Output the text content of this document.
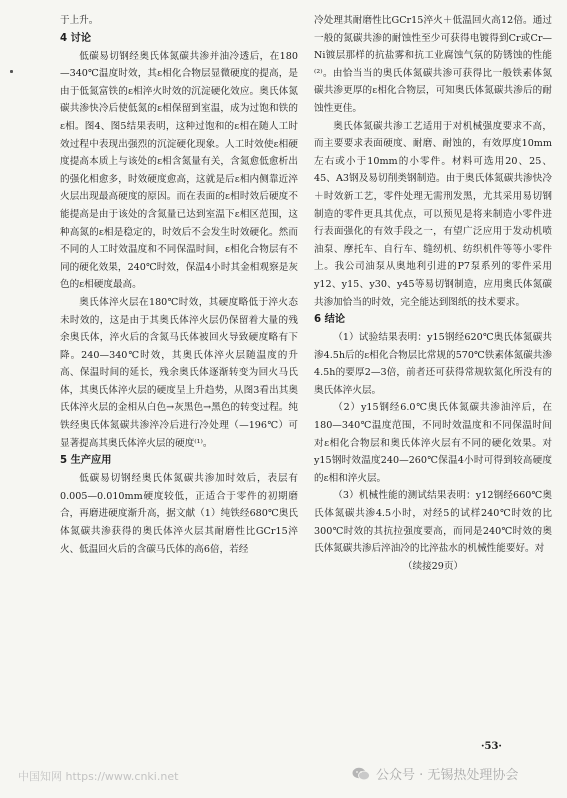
于上升。

4 讨论

低碳易切钢经奥氏体氮碳共渗并油冷透后，在180—340℃温度时效，其ε相化合物层显微硬度的提高，是由于低氮富铁的ε相淬火时效的沉淀硬化效应。奥氏体氮碳共渗快冷后使低氮的ε相保留到室温，成为过饱和铁的ε相。图4、图5结果表明，这种过饱和的ε相在随人工时效过程中表现出强烈的沉淀硬化现象。人工时效使ε相硬度提高本质上与该处的ε相含氮量有关，含氮愈低愈析出的强化相愈多，时效硬度愈高，这就是后ε相内侧靠近淬火层出现最高硬度的原因。而在表面的ε相时效后硬度不能提高是由于该处的含氮量已达到室温下ε相区范围，这种高氮的ε相是稳定的，时效后不会发生时效硬化。然而不同的人工时效温度和不同保温时间，ε相化合物层有不同的硬化效果，240℃时效，保温4小时其金相观察是灰色的ε相硬度最高。

奥氏体淬火层在180℃时效，其硬度略低于淬火态未时效的，这是由于其奥氏体淬火层仍保留着大量的残余奥氏体，淬火后的含氮马氏体被回火导致硬度略有下降。240—340℃时效，其奥氏体淬火层随温度的升高、保温时间的延长，残余奥氏体逐渐转变为回火马氏体，其奥氏体淬火层的硬度呈上升趋势，从图3看出其奥氏体淬火层的金相从白色→灰黑色→黑色的转变过程。纯铁经奥氏体氮碳共渗淬冷后进行冷处理（—196℃）可显著提高其奥氏体淬火层的硬度⁽¹⁾。

5 生产应用

低碳易切钢经奥氏体氮碳共渗加时效后，表层有0.005—0.010mm硬度较低，正适合于零件的初期磨合，再磨进硬度渐升高，据文献（1）纯铁经680℃奥氏体氮碳共渗获得的奥氏体淬火层其耐磨性比GCr15淬火、低温回火后的含碳马氏体的高6倍，若经

冷处理其耐磨性比GCr15淬火＋低温回火高12倍。通过一般的氮碳共渗的耐蚀性至少可获得电镀得到Cr或Cr—Ni镀层那样的抗盐雾和抗工业腐蚀气氛的防锈蚀的性能⁽²⁾。由恰当当的奥氏体氮碳共渗可获得比一般铁素体氮碳共渗更厚的ε相化合物层，可知奥氏体氮碳共渗后的耐蚀性更佳。

奥氏体氮碳共渗工艺适用于对机械强度要求不高，而主要要求表面硬度、耐磨、耐蚀的，有效厚度10mm左右或小于10mm的小零件。材料可选用20、25、45、A3钢及易切削类钢制造。由于奥氏体氮碳共渗快冷＋时效新工艺，零件处理无需刑发黑，尤其采用易切钢制造的零件更具其优点，可以预见是将来制造小零件进行表面强化的有效手段之一，有望广泛应用于发动机喷油泵、摩托车、自行车、缝纫机、纺织机件等等小零件上。我公司油泵从奥地利引进的P7泵系列的零件采用y12、y15、y30、y45等易切钢制造，应用奥氏体氮碳共渗加恰当的时效，完全能达到图纸的技术要求。

6 结论

（1）试验结果表明：y15钢经620℃奥氏体氮碳共渗4.5h后的ε相化合物层比常规的570℃铁素体氮碳共渗4.5h的要厚2—3倍，前者还可获得常规软氮化所没有的奥氏体淬火层。

（2）y15钢经6.0℃奥氏体氮碳共渗油淬后，在180—340℃温度范围，不同时效温度和不同保温时间对ε相化合物层和奥氏体淬火层有不同的硬化效果。对y15钢时效温度240—260℃保温4小时可得到较高硬度的ε相和淬火层。

（3）机械性能的测试结果表明：y12钢经660℃奥氏体氮碳共渗4.5小时，对经5的试样240℃时效的比300℃时效的其抗拉强度要高，而同是240℃时效的奥氏体氮碳共渗后淬油冷的比淬盐水的机械性能要好。对

（续接29页）

·53·
中国知网 https://www.cnki.net	公众号 · 无锡热处理协会
